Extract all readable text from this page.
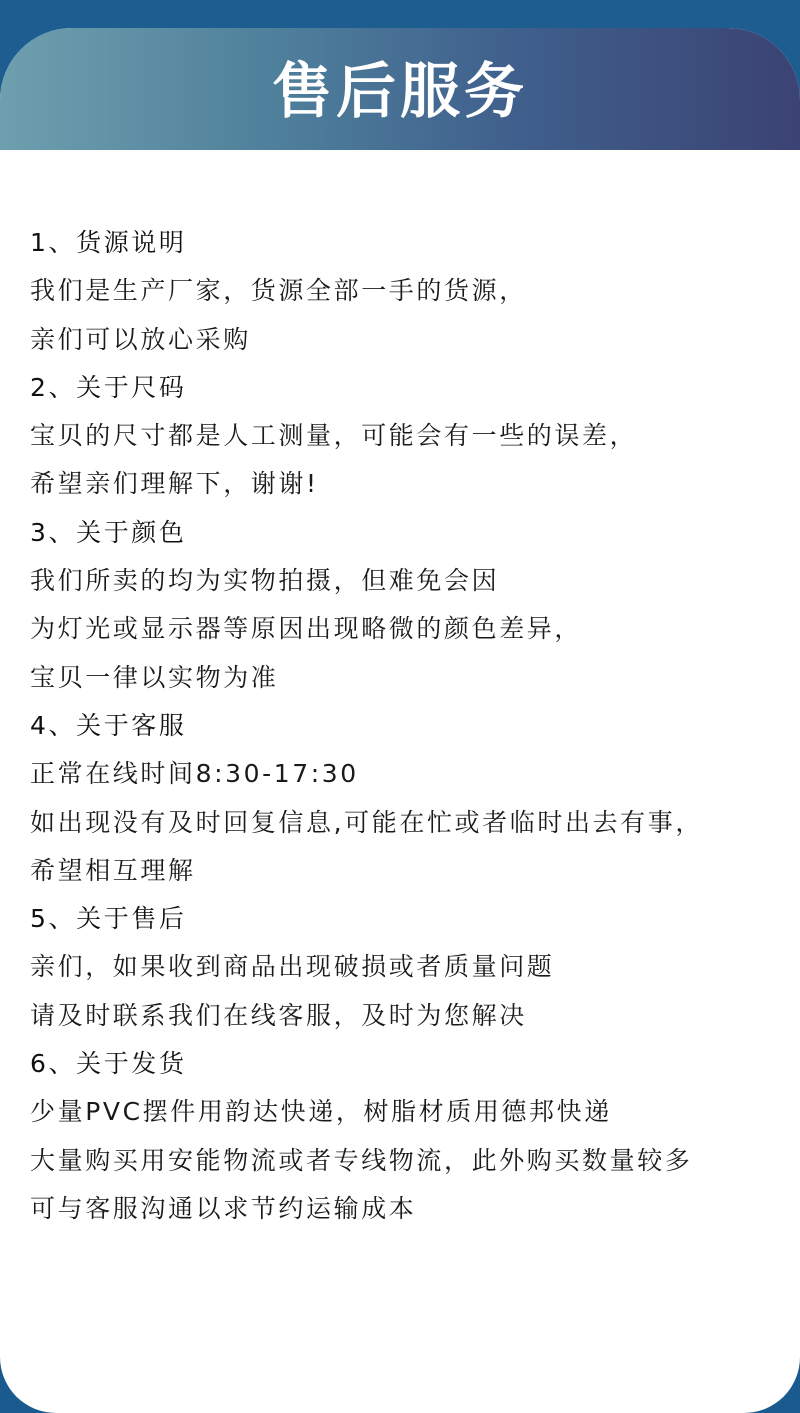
售后服务
1、货源说明
我们是生产厂家，货源全部一手的货源，
亲们可以放心采购
2、关于尺码
宝贝的尺寸都是人工测量，可能会有一些的误差，
希望亲们理解下，谢谢!
3、关于颜色
我们所卖的均为实物拍摄，但难免会因
为灯光或显示器等原因出现略微的颜色差异，
宝贝一律以实物为准
4、关于客服
正常在线时间8:30-17:30
如出现没有及时回复信息,可能在忙或者临时出去有事，
希望相互理解
5、关于售后
亲们，如果收到商品出现破损或者质量问题
请及时联系我们在线客服，及时为您解决
6、关于发货
少量PVC摆件用韵达快递，树脂材质用德邦快递
大量购买用安能物流或者专线物流，此外购买数量较多
可与客服沟通以求节约运输成本
